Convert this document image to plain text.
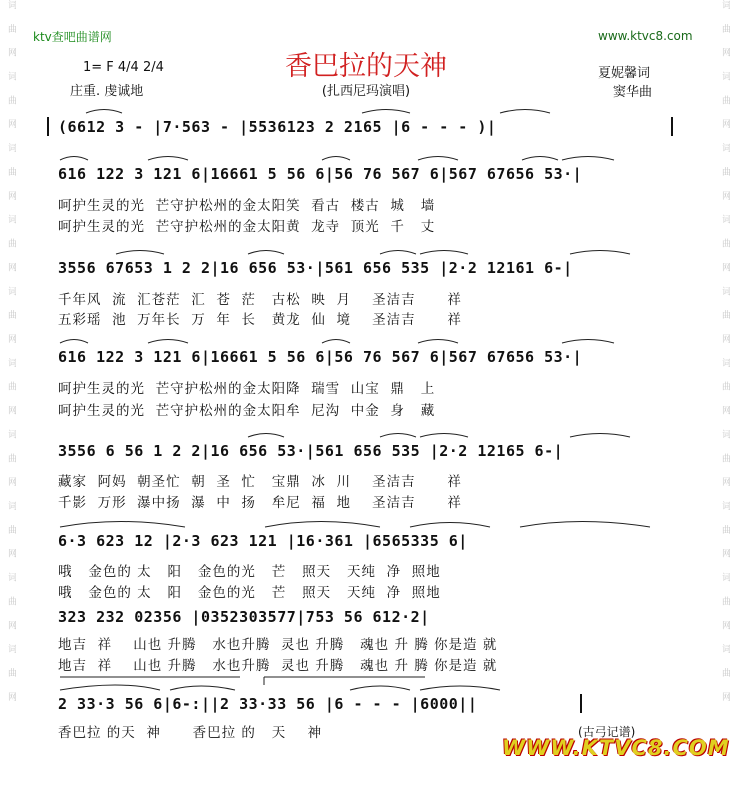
词 曲 网 词 曲 网 词 曲 网 词 曲 网 词 曲 网 词 曲 网 词 曲 网 词 曲 网 词 曲 网 词 曲 网	词 曲 网 词 曲 网 词 曲 网 词 曲 网 词 曲 网 词 曲 网 词 曲 网 词 曲 网 词 曲 网 词 曲 网
ktv查吧曲谱网	www.ktvc8.com
香巴拉的天神
(扎西尼玛演唱)
1= F 4/4 2/4
庄重. 虔诚地
夏妮馨词
窦华曲
(6612 3 - |7·563 - |5536123 2 2165 |6 - - - )|
616 122 3 121 6|16661 5 56 6|56 76 567 6|567 67656 53·|
呵护生灵的光  芒守护松州的金太阳笑  看古  楼古  城   墙
呵护生灵的光  芒守护松州的金太阳黄  龙寺  顶光  千   丈
3556 67653 1 2 2|16 656 53·|561 656 535 |2·2 12161 6-|
千年风  流  汇苍茫  汇  苍  茫   古松  映  月    圣洁吉      祥
五彩瑶  池  万年长  万  年  长   黄龙  仙  境    圣洁吉      祥
616 122 3 121 6|16661 5 56 6|56 76 567 6|567 67656 53·|
呵护生灵的光  芒守护松州的金太阳降  瑞雪  山宝  鼎   上
呵护生灵的光  芒守护松州的金太阳牟  尼沟  中金  身   藏
3556 6 56 1 2 2|16 656 53·|561 656 535 |2·2 12165 6-|
藏家  阿妈  朝圣忙  朝  圣  忙   宝鼎  冰  川    圣洁吉      祥
千影  万形  瀑中扬  瀑  中  扬   牟尼  福  地    圣洁吉      祥
6·3 623 12 |2·3 623 121 |16·361 |6565335 6|
哦   金色的 太   阳   金色的光   芒   照天   天纯  净  照地
哦   金色的 太   阳   金色的光   芒   照天   天纯  净  照地
323 232 02356 |0352303577|753 56 612·2|
地吉  祥    山也 升腾   水也升腾  灵也 升腾   魂也 升 腾 你是造 就
地吉  祥    山也 升腾   水也升腾  灵也 升腾   魂也 升 腾 你是造 就
2 33·3 56 6|6-:||2 33·33 56 |6 - - - |6000||
香巴拉 的天  神      香巴拉 的   天    神	(古弓记谱)
WWW.KTVC8.COM
